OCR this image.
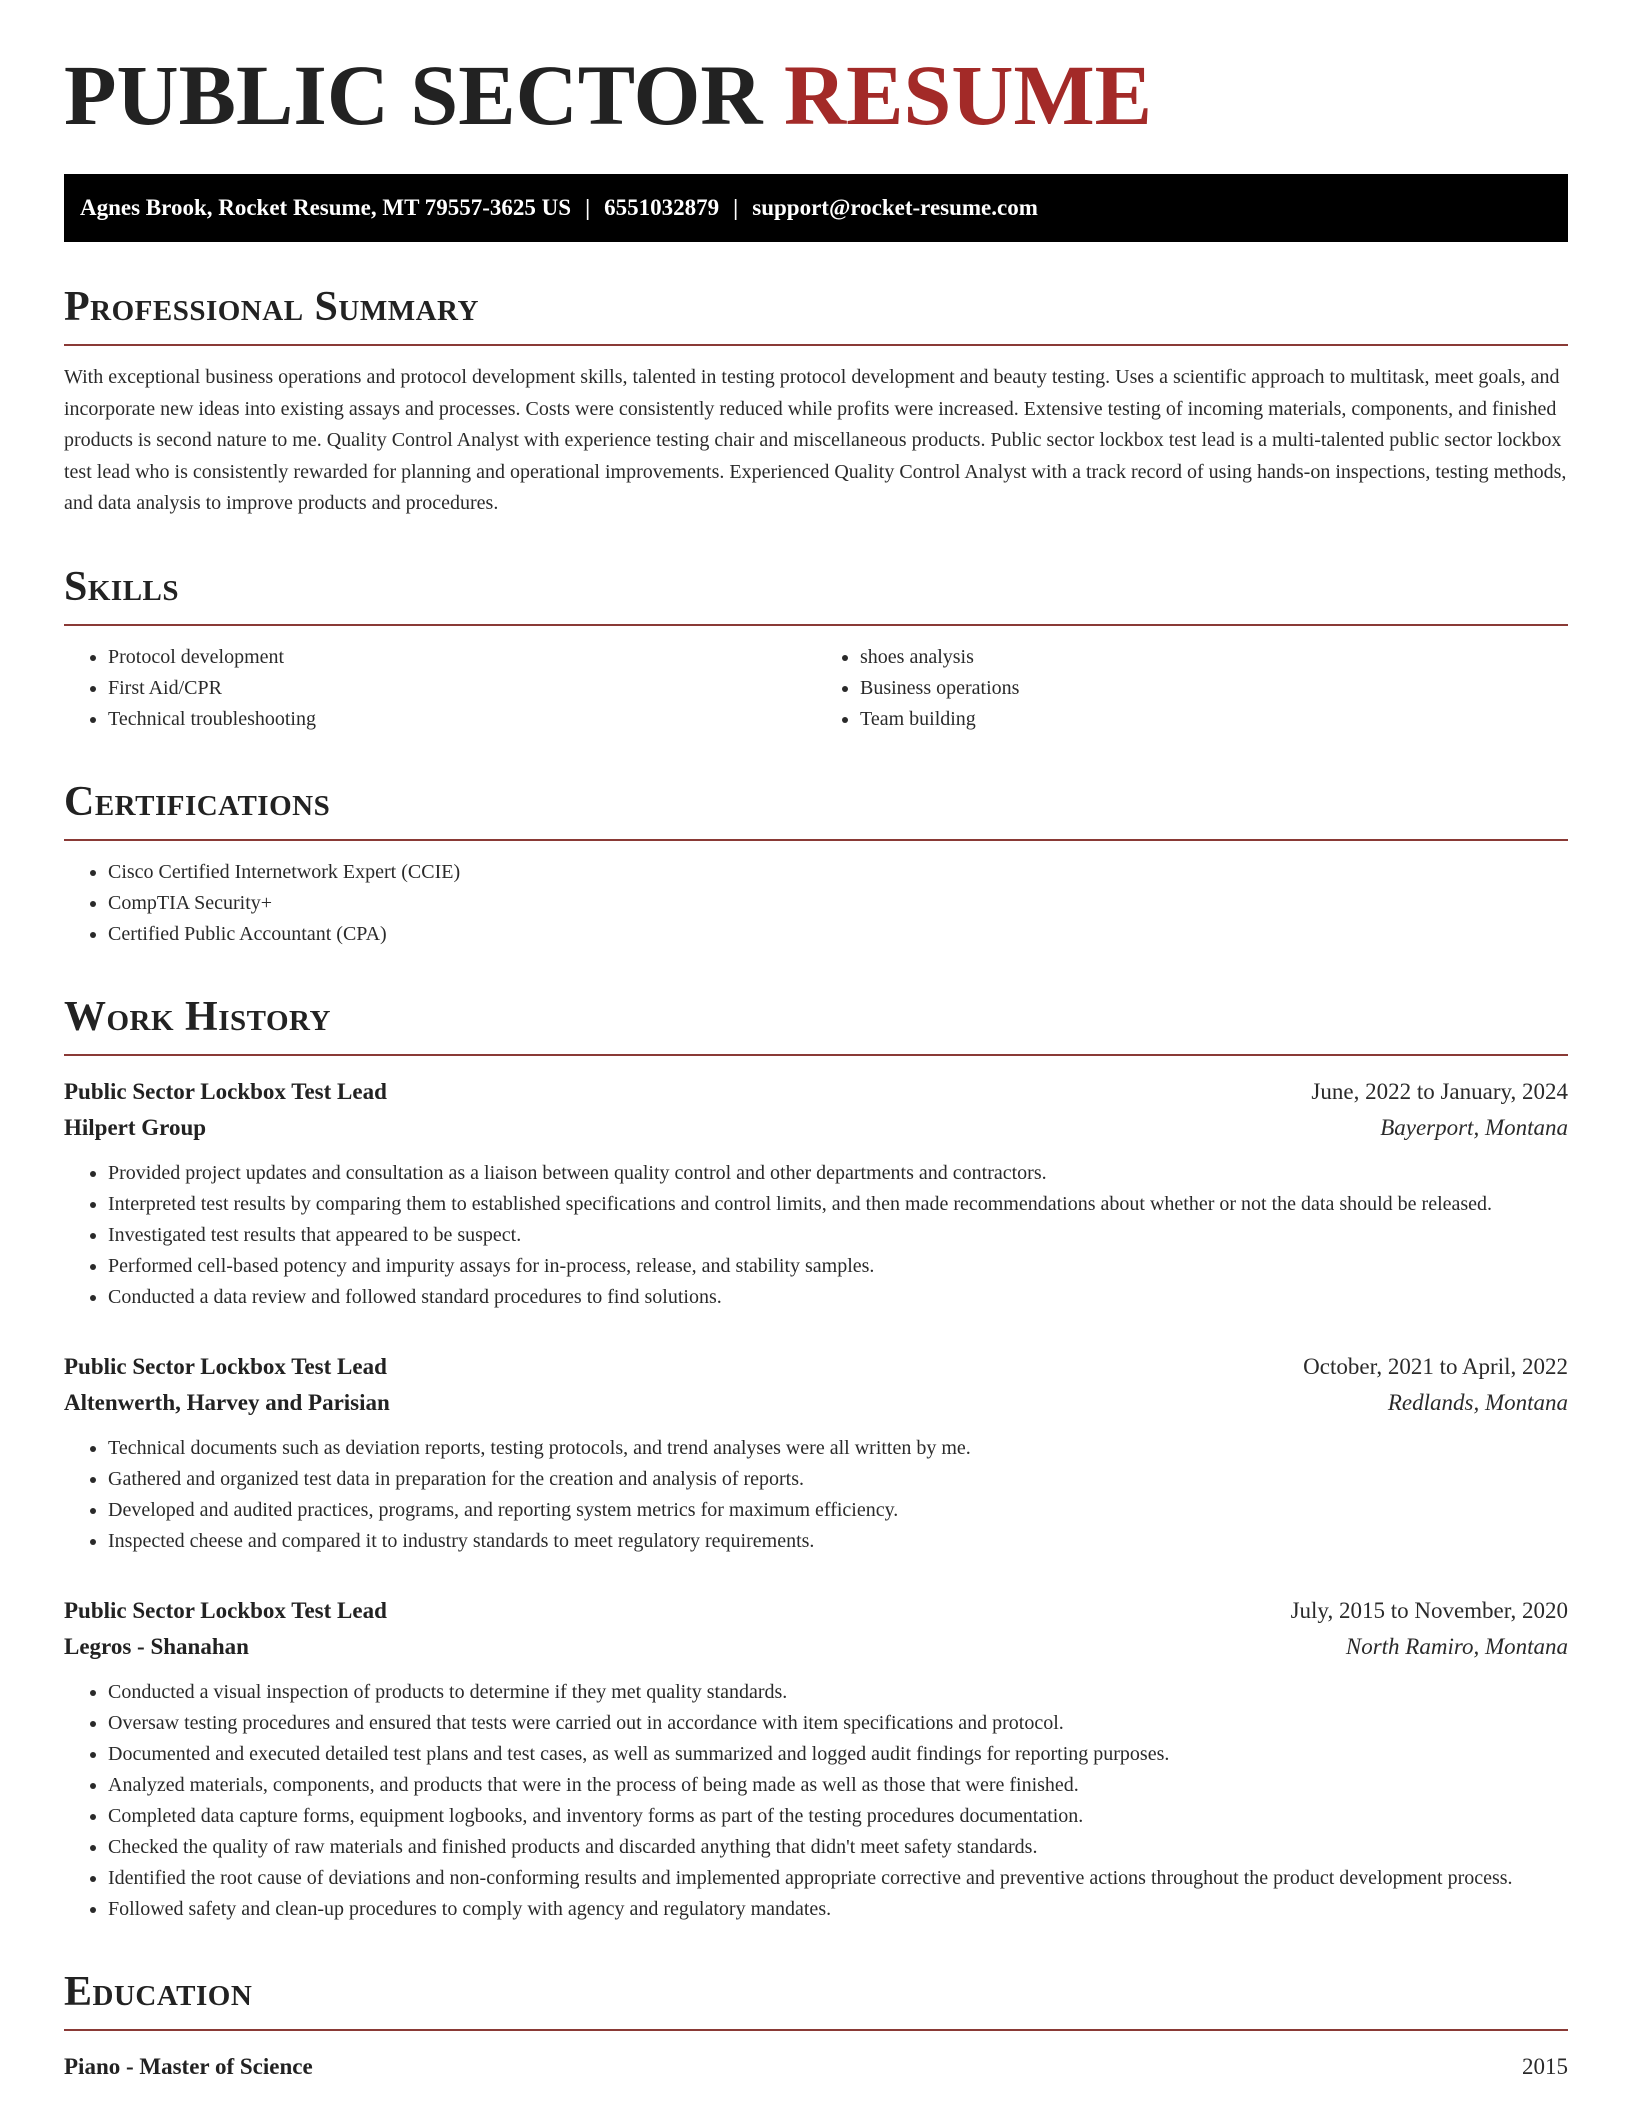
PUBLIC SECTOR RESUME
Agnes Brook, Rocket Resume, MT 79557-3625 US | 6551032879 | support@rocket-resume.com
Professional Summary

With exceptional business operations and protocol development skills, talented in testing protocol development and beauty testing. Uses a scientific approach to multitask, meet goals, and incorporate new ideas into existing assays and processes. Costs were consistently reduced while profits were increased. Extensive testing of incoming materials, components, and finished products is second nature to me. Quality Control Analyst with experience testing chair and miscellaneous products. Public sector lockbox test lead is a multi-talented public sector lockbox test lead who is consistently rewarded for planning and operational improvements. Experienced Quality Control Analyst with a track record of using hands-on inspections, testing methods, and data analysis to improve products and procedures.

Skills
• Protocol development
• First Aid/CPR
• Technical troubleshooting
• shoes analysis
• Business operations
• Team building
Certifications
• Cisco Certified Internetwork Expert (CCIE)
• CompTIA Security+
• Certified Public Accountant (CPA)
Work History
Public Sector Lockbox Test Lead	June, 2022 to January, 2024
Hilpert Group	Bayerport, Montana
• Provided project updates and consultation as a liaison between quality control and other departments and contractors.
• Interpreted test results by comparing them to established specifications and control limits, and then made recommendations about whether or not the data should be released.
• Investigated test results that appeared to be suspect.
• Performed cell-based potency and impurity assays for in-process, release, and stability samples.
• Conducted a data review and followed standard procedures to find solutions.
Public Sector Lockbox Test Lead	October, 2021 to April, 2022
Altenwerth, Harvey and Parisian	Redlands, Montana
• Technical documents such as deviation reports, testing protocols, and trend analyses were all written by me.
• Gathered and organized test data in preparation for the creation and analysis of reports.
• Developed and audited practices, programs, and reporting system metrics for maximum efficiency.
• Inspected cheese and compared it to industry standards to meet regulatory requirements.
Public Sector Lockbox Test Lead	July, 2015 to November, 2020
Legros - Shanahan	North Ramiro, Montana
• Conducted a visual inspection of products to determine if they met quality standards.
• Oversaw testing procedures and ensured that tests were carried out in accordance with item specifications and protocol.
• Documented and executed detailed test plans and test cases, as well as summarized and logged audit findings for reporting purposes.
• Analyzed materials, components, and products that were in the process of being made as well as those that were finished.
• Completed data capture forms, equipment logbooks, and inventory forms as part of the testing procedures documentation.
• Checked the quality of raw materials and finished products and discarded anything that didn't meet safety standards.
• Identified the root cause of deviations and non-conforming results and implemented appropriate corrective and preventive actions throughout the product development process.
• Followed safety and clean-up procedures to comply with agency and regulatory mandates.
Education
Piano - Master of Science	2015
